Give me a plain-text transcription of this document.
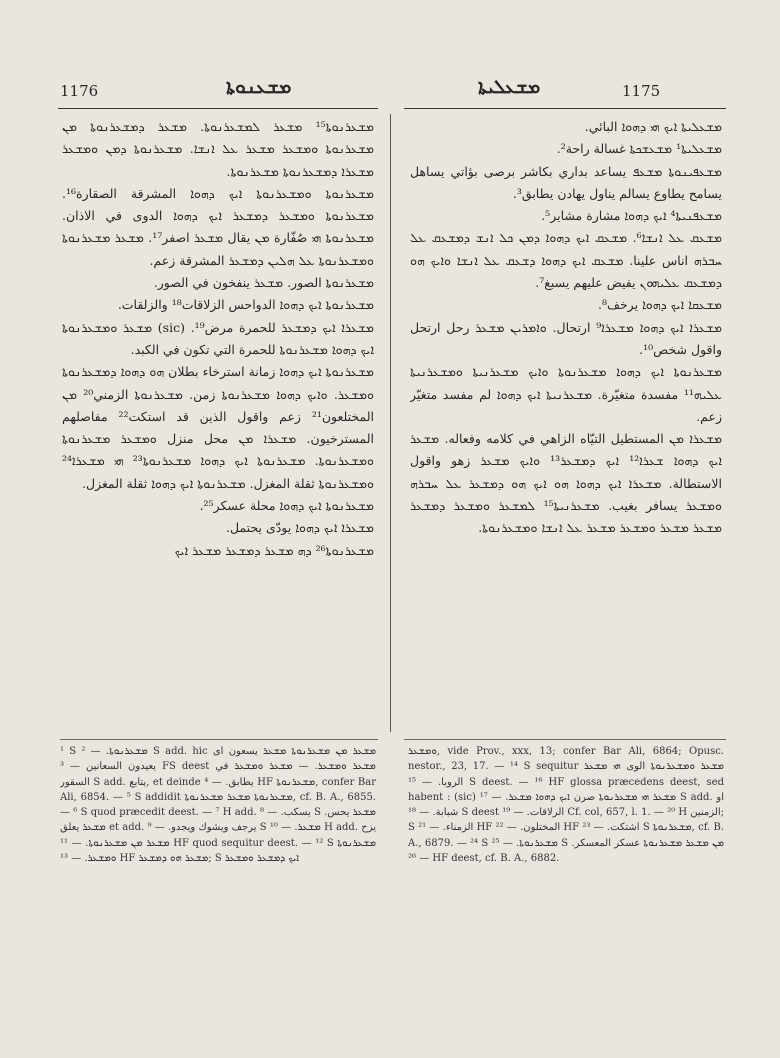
1176	ܡܫܥܢܘܬܐ	ܡܫܥܠܝܬܐ	1175

ܡܫܥܪܢܘܬܐ¹⁵ ܡܫܥܪ ܠܡܫܥܪܢܘܬܐ. ܡܫܥܪ ܕܡܫܥܪܢܘܬܐ ܡܢ ܡܫܥܪܢܘܬܐ ܘܡܫܥܪ ܡܫܥܪ ܥܠ ܐܢܫܐ. ܡܫܥܪܢܘܬܐ ܕܡܢ ܘܡܫܥܪ ܡܫܥܪܐ ܕܡܫܥܪܢܘܬܐ ܡܫܥܪܢܘܬܐ.

ܡܫܥܪܢܘܬܐ ܘܡܫܥܪܢܘܬܐ ܐܝܟ ܕܗܘܐ المشرقة الصقارة¹⁶. ܡܫܥܪܢܘܬܐ ܘܡܫܥܪ ܕܡܫܥܪ ܐܝܟ ܕܗܘܐ الدوى في الاذان. ܡܫܥܪܢܘܬܐ ܗܝ صُفّارة ܡܢ يقال ܡܫܥܪ اصفر¹⁷. ܡܫܥܪ ܡܫܥܪܢܘܬܐ ܘܡܫܥܪܢܘܬܐ ܥܠ ܗܠܝܢ ܕܡܫܥܪ المشرقة زعم.

ܡܫܥܪܢܘܬܐ الصور. ܡܫܥܪ ينفخون في الصور.

ܡܫܥܪܢܘܬܐ ܐܝܟ ܕܗܘܐ الدواحس الزلاقات¹⁸ والزلقات.

ܡܫܥܪܐ ܐܝܟ ܕܡܫܥܪ للحمرة مرض¹⁹. (sic) ܡܫܥܪ ܘܡܫܥܪܢܘܬܐ ܐܝܟ ܕܗܘܐ ܡܫܥܪܢܘܬܐ للحمرة التي تكون في الكبد.

ܡܫܥܪܢܘܬܐ ܐܝܟ ܕܗܘܐ زمانة استرخاء بطلان ܗܘ ܕܗܘܐ ܕܡܫܥܪܢܘܬܐ ܘܡܫܥܪ. ܘܐܝܟ ܕܗܘܐ ܡܫܥܪܢܘܬܐ زمن. ܡܫܥܪܢܘܬܐ الزمني²⁰ ܡܢ المختلعون²¹ زعم واقول الذين قد استكت²² مفاصلهم المسترخيون. ܡܫܥܪܐ ܡܢ محل منزل ܘܡܫܥܪ ܡܫܥܪܢܘܬܐ ܘܡܫܥܪܢܘܬܐ. ܡܫܥܪܢܘܬܐ ܐܝܟ ܕܗܘܐ ܡܫܥܪܢܘܬܐ²³ ܗܝ ܡܫܥܪܐ²⁴ ܘܡܫܥܪܢܘܬܐ ثقلة المغزل. ܡܫܥܪܢܘܬܐ ܐܝܟ ܕܗܘܐ ثقلة المغزل.

ܡܫܥܪܢܘܬܐ ܐܝܟ ܕܗܘܐ محلة عسكر²⁵.

ܡܫܥܪܐ ܐܝܟ ܕܗܘܐ يودّى يحتمل.

ܡܫܥܪܢܘܬܐ²⁶ ܕܗ ܡܫܥܪ ܕܡܫܥܪ ܡܫܥܪ ܐܝܟ

ܡܫܥܠܝܬܐ ܐܝܟ ܗܝ ܕܗܘܐ البائي.

ܡܫܥܠܝܬܐ¹ ܡܫܥܫܟܬܐ غسالة راحة².

ܡܫܥܦܝܢܘܬܐ ܡܫܥܦ يساعد بداري بكاشر برصى بؤاتي يساهل يسامح يطاوع يسالم يناول يهادن يطابق³.

ܡܫܥܦܢܝܬܐ⁴ ܐܝܟ ܕܗܘܐ مشارة مشاير⁵.

ܡܫܥܩ ܥܠ ܐܢܫܐ⁶. ܡܫܥܩ ܐܝܟ ܕܗܘܐ ܕܡܢ ܟܠ ܐܢܫ ܕܡܫܥܩ ܥܠ ܚܒܪܗ اناس علينا. ܡܫܥܩ ܐܝܟ ܕܗܘܐ ܕܫܥܩ ܥܠ ܐܢܫܐ ܘܐܝܟ ܗܘ ܕܡܫܥܩ ܥܠܝܗܘܢ يفيض عليهم يسبغ⁷.

ܡܫܥܩܐ ܐܝܟ ܕܗܘܐ يرخف⁸.

ܡܫܥܪܐ ܐܝܟ ܕܗܘܐ ܡܫܥܪܐ⁹ ارتحال. ܘܐܡܪܝܢ ܡܫܥܪ رحل ارتحل واقول شخص¹⁰.

ܡܫܥܪܢܘܬܐ ܐܝܟ ܕܗܘܐ ܡܫܥܪܢܘܬܐ ܘܐܝܟ ܡܫܥܪܢܝܬܐ ܘܡܫܥܪܢܝܬܐ ܥܠܝܗ¹¹ مفسدة متغيّرة. ܡܫܥܪܢܝܬܐ ܐܝܟ ܕܗܘܐ لم مفسد متغيّر زعم.

ܡܫܥܪܐ ܡܢ المستطيل التيّاه الزاهي في كلامه وفعاله. ܡܫܥܪ ܐܝܟ ܕܗܘܐ ܫܥܪܐ¹² ܐܝܟ ܕܡܫܥܪ¹³ ܘܐܝܟ ܡܫܥܪ زهو واقول الاستطالة. ܡܫܥܪܐ ܐܝܟ ܕܗܘܐ ܗܘ ܐܝܟ ܗܘ ܕܡܫܥܪ ܥܠ ܚܒܪܗ ܘܡܫܥܪ يسافر بغيب. ܡܫܥܪܢܝܬܐ¹⁵ ܠܡܫܥܪ ܘܡܫܥܪ ܕܡܫܥܪ ܡܫܥܪ ܡܫܥܪ ܘܡܫܥܪ ܡܫܥܪ ܥܠ ܐܢܫܐ ܘܡܫܥܪܢܘܬܐ.

¹ S ܡܫܥܪܢܘܬܐ. — ² S add. hic ܡܫܥܪ ܡܢ ܡܫܥܪܢܘܬܐ ܡܫܥܪ يسعون اى يعيدون السعانين — ³ FS deest ܡܫܥܪ ܘܡܫܥܪ. — ܡܫܥܪ ܘܡܫܥܪ في السقور S add. يتابع, et deinde يطابق. — ⁴ HF ܡܫܥܪܢܘܬܐ, confer Bar Ali, 6854. — ⁵ S addidit ܡܫܥܪܢܘܬܐ ܡܫܥܪ ܡܫܥܪܢܘܬܐ, cf. B. A., 6855. — ⁶ S quod præcedit deest. — ⁷ H add. يسكب. — ⁸ S ܡܫܥܪ يحس. ܡܫܥܪ يعلق et add. يرجف ويشوك ويجدو. — ⁹ S ܡܫܥܪ. — ¹⁰ H add. يزح ܡܫܥܪ ܡܢ ܡܫܥܪܢܘܬܐ. — ¹¹ HF quod sequitur deest. — ¹² S ܡܫܥܪܢܘܬܐ ܘܡܫܥܪ. — ¹³ HF ܡܫܥܪ ܗܘ ܕܡܫܥܪ; S ܐܝܟ ܕܡܫܥܪ ܘܡܫܥܪ

ܘܡܫܥܪ, vide Prov., xxx, 13; confer Bar Ali, 6864; Opusc. nestor., 23, 17. — ¹⁴ S sequitur ܡܫܥܪ ܘܡܫܥܪܢܘܬܐ الوى ܗܝ ܡܫܥܪ الروبا. — ¹⁵ S deest. — ¹⁶ HF glossa præcedens deest, sed habent : (sic) ܡܫܥܪ ܗܝ ܡܫܥܪܢܘܬܐ صرن ܐܝܟ ܕܗܘܐ ܡܫܥܪ. — ¹⁷ S add. او شبابة. — ¹⁸ S deest الرلاقات. — ¹⁹ Cf. col, 657, l. 1. — ²⁰ H الزمنين; S الزمناء. — ²¹ HF المختلون. — ²² HF اشتكت. — ²³ S ܡܫܥܪܢܘܬܐ, cf. B. A., 6879. — ²⁴ S ܡܫܥܪܢܘܬܐ. — ²⁵ S ܡܢ ܡܫܥܪ ܡܫܥܪܢܘܬܐ عسكر المعسكر. — ²⁶ HF deest, cf. B. A., 6882.
